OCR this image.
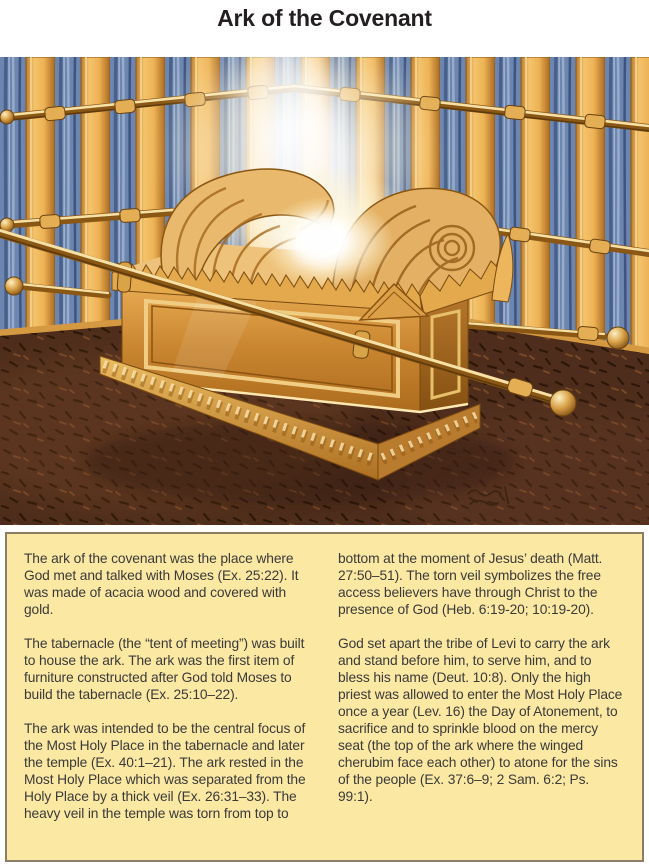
Ark of the Covenant

The ark of the covenant was the place where God met and talked with Moses (Ex. 25:22). It was made of acacia wood and covered with gold.

The tabernacle (the “tent of meeting”) was built to house the ark. The ark was the first item of furniture constructed after God told Moses to build the tabernacle (Ex. 25:10–22).

The ark was intended to be the central focus of the Most Holy Place in the tabernacle and later the temple (Ex. 40:1–21). The ark rested in the Most Holy Place which was separated from the Holy Place by a thick veil (Ex. 26:31–33). The heavy veil in the temple was torn from top to

bottom at the moment of Jesus’ death (Matt. 27:50–51). The torn veil symbolizes the free access believers have through Christ to the presence of God (Heb. 6:19-20; 10:19-20).

God set apart the tribe of Levi to carry the ark and stand before him, to serve him, and to bless his name (Deut. 10:8). Only the high priest was allowed to enter the Most Holy Place once a year (Lev. 16) the Day of Atonement, to sacrifice and to sprinkle blood on the mercy seat (the top of the ark where the winged cherubim face each other) to atone for the sins of the people (Ex. 37:6–9; 2 Sam. 6:2; Ps. 99:1).
